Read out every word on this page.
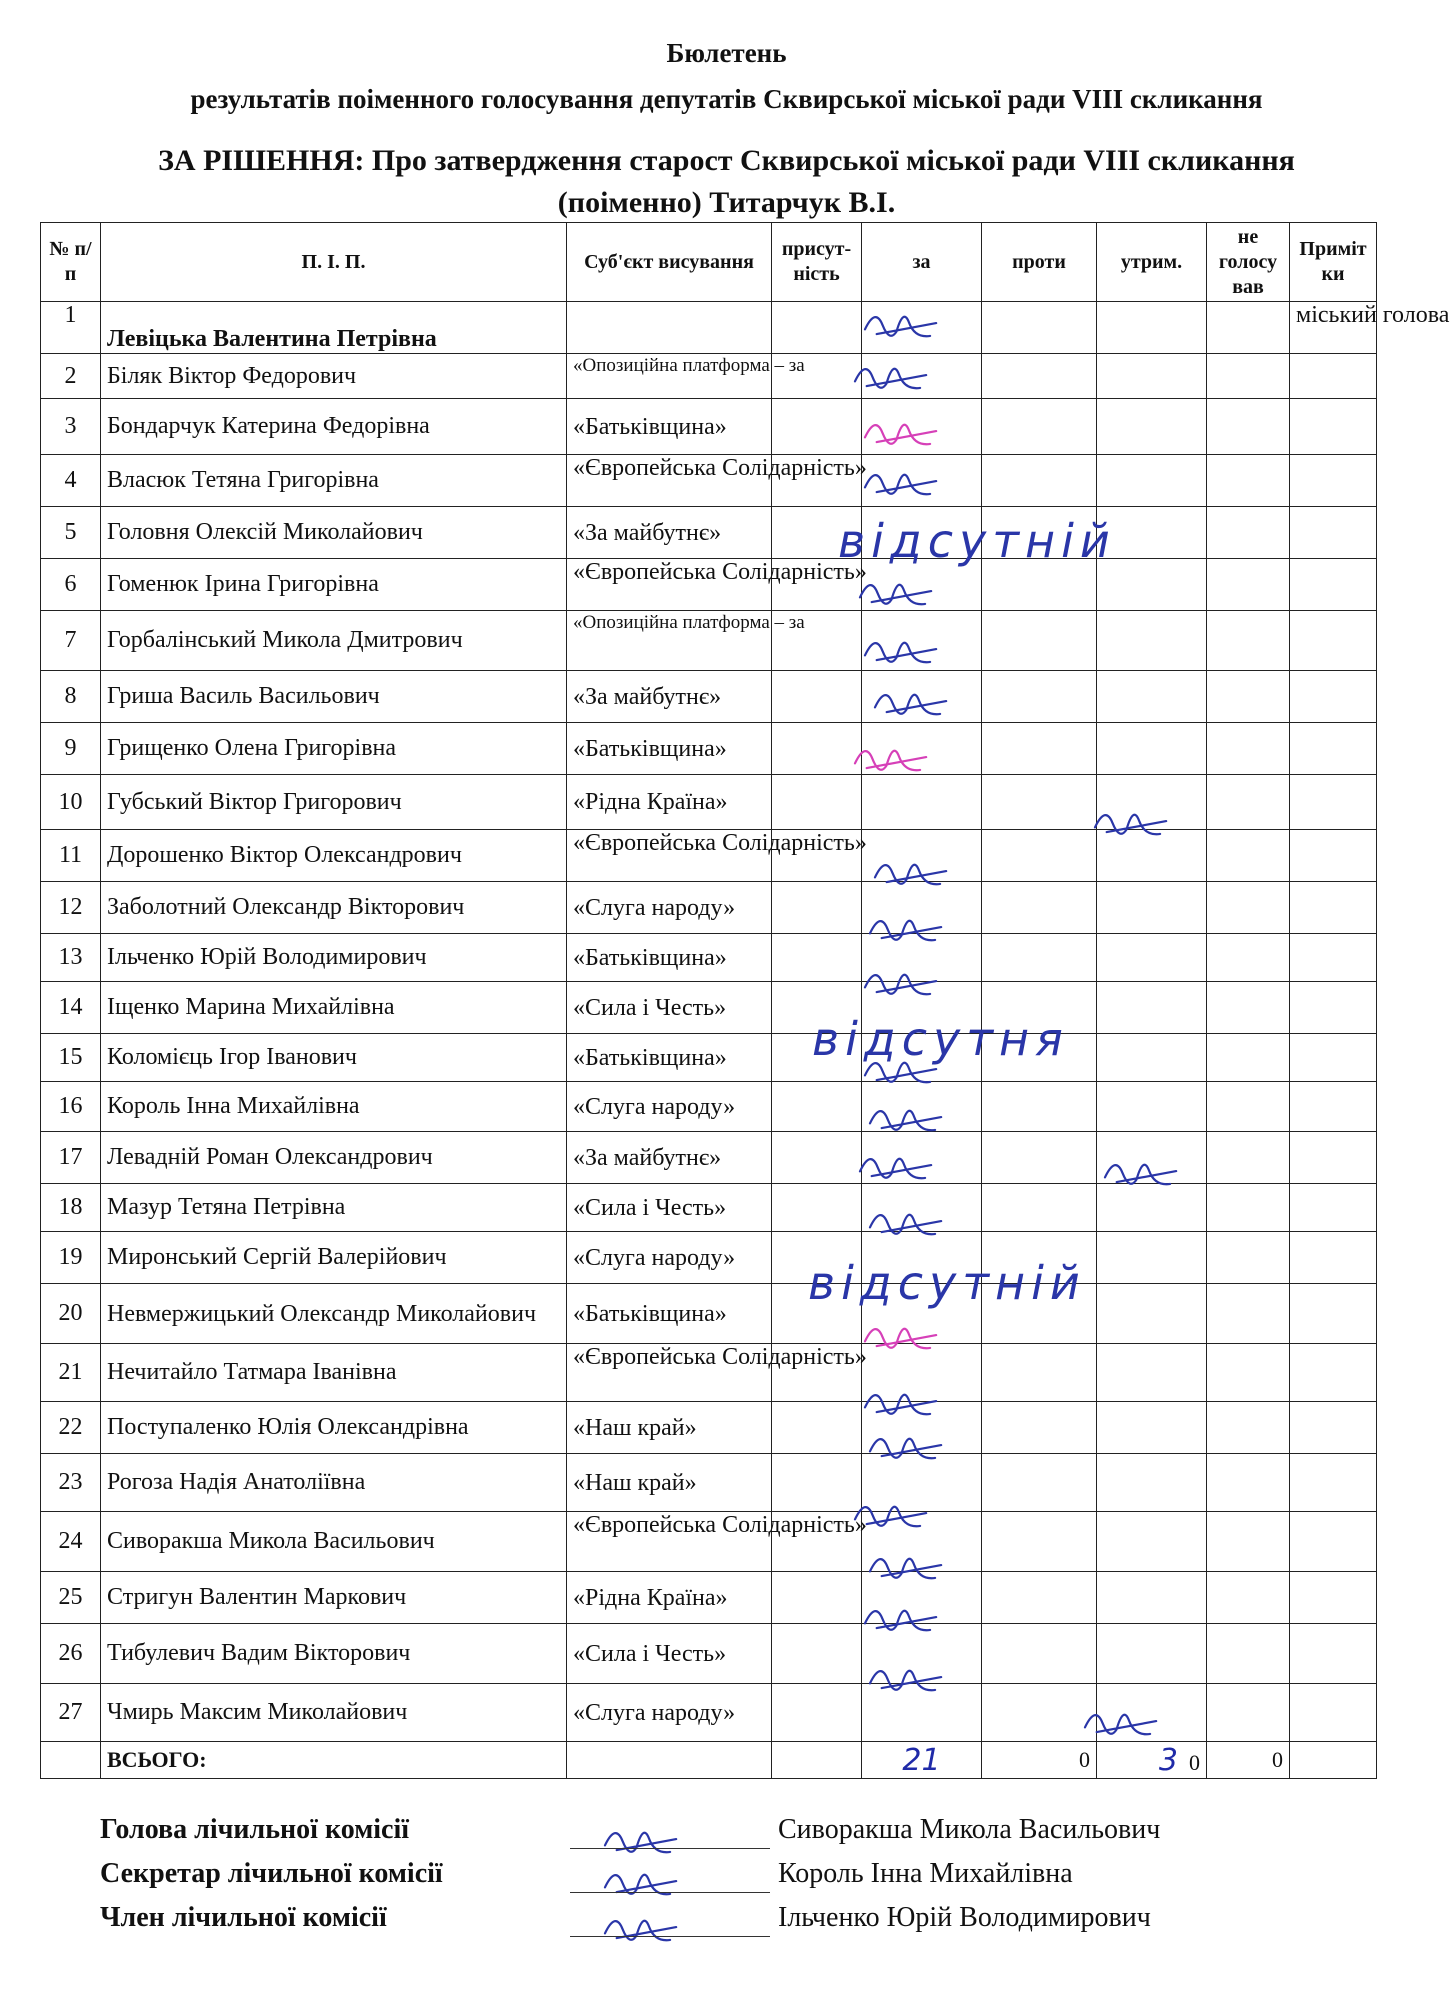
Бюлетень
результатів поіменного голосування депутатів Сквирської міської ради VIII скликання
ЗА РІШЕННЯ: Про затвердження старост Сквирської міської ради VIII скликання
(поіменно) Титарчук В.І.
№ п/п	П. І. П.	Суб'єкт висування	присут-ність	за	проти	утрим.	не голосу вав	Приміт ки
1	Левіцька Валентина Петрівна							міський голова
2	Біляк Віктор Федорович	«Опозиційна платформа – за						
3	Бондарчук Катерина Федорівна	«Батьківщина»						
4	Власюк Тетяна Григорівна	«Європейська Солідарність»						
5	Головня Олексій Миколайович	«За майбутнє»						
6	Гоменюк Ірина Григорівна	«Європейська Солідарність»						
7	Горбалінський Микола Дмитрович	«Опозиційна платформа – за						
8	Гриша Василь Васильович	«За майбутнє»						
9	Грищенко Олена Григорівна	«Батьківщина»						
10	Губський Віктор Григорович	«Рідна Країна»						
11	Дорошенко Віктор Олександрович	«Європейська Солідарність»						
12	Заболотний Олександр Вікторович	«Слуга народу»						
13	Ільченко Юрій Володимирович	«Батьківщина»						
14	Іщенко Марина Михайлівна	«Сила і Честь»						
15	Коломієць Ігор Іванович	«Батьківщина»						
16	Король Інна Михайлівна	«Слуга народу»						
17	Левадній Роман Олександрович	«За майбутнє»						
18	Мазур Тетяна Петрівна	«Сила і Честь»						
19	Миронський Сергій Валерійович	«Слуга народу»						
20	Невмержицький Олександр Миколайович	«Батьківщина»						
21	Нечитайло Татмара Іванівна	«Європейська Солідарність»						
22	Поступаленко Юлія Олександрівна	«Наш край»						
23	Рогоза Надія Анатоліївна	«Наш край»						
24	Сиворакша Микола Васильович	«Європейська Солідарність»						
25	Стригун Валентин Маркович	«Рідна Країна»						
26	Тибулевич Вадим Вікторович	«Сила і Честь»						
27	Чмирь Максим Миколайович	«Слуга народу»						
	ВСЬОГО:			21	0	3 0	0	
відсутній
відсутня
відсутній
Голова лічильної комісії	Сиворакша Микола Васильович
Секретар лічильної комісії	Король Інна Михайлівна
Член лічильної комісії	Ільченко Юрій Володимирович
